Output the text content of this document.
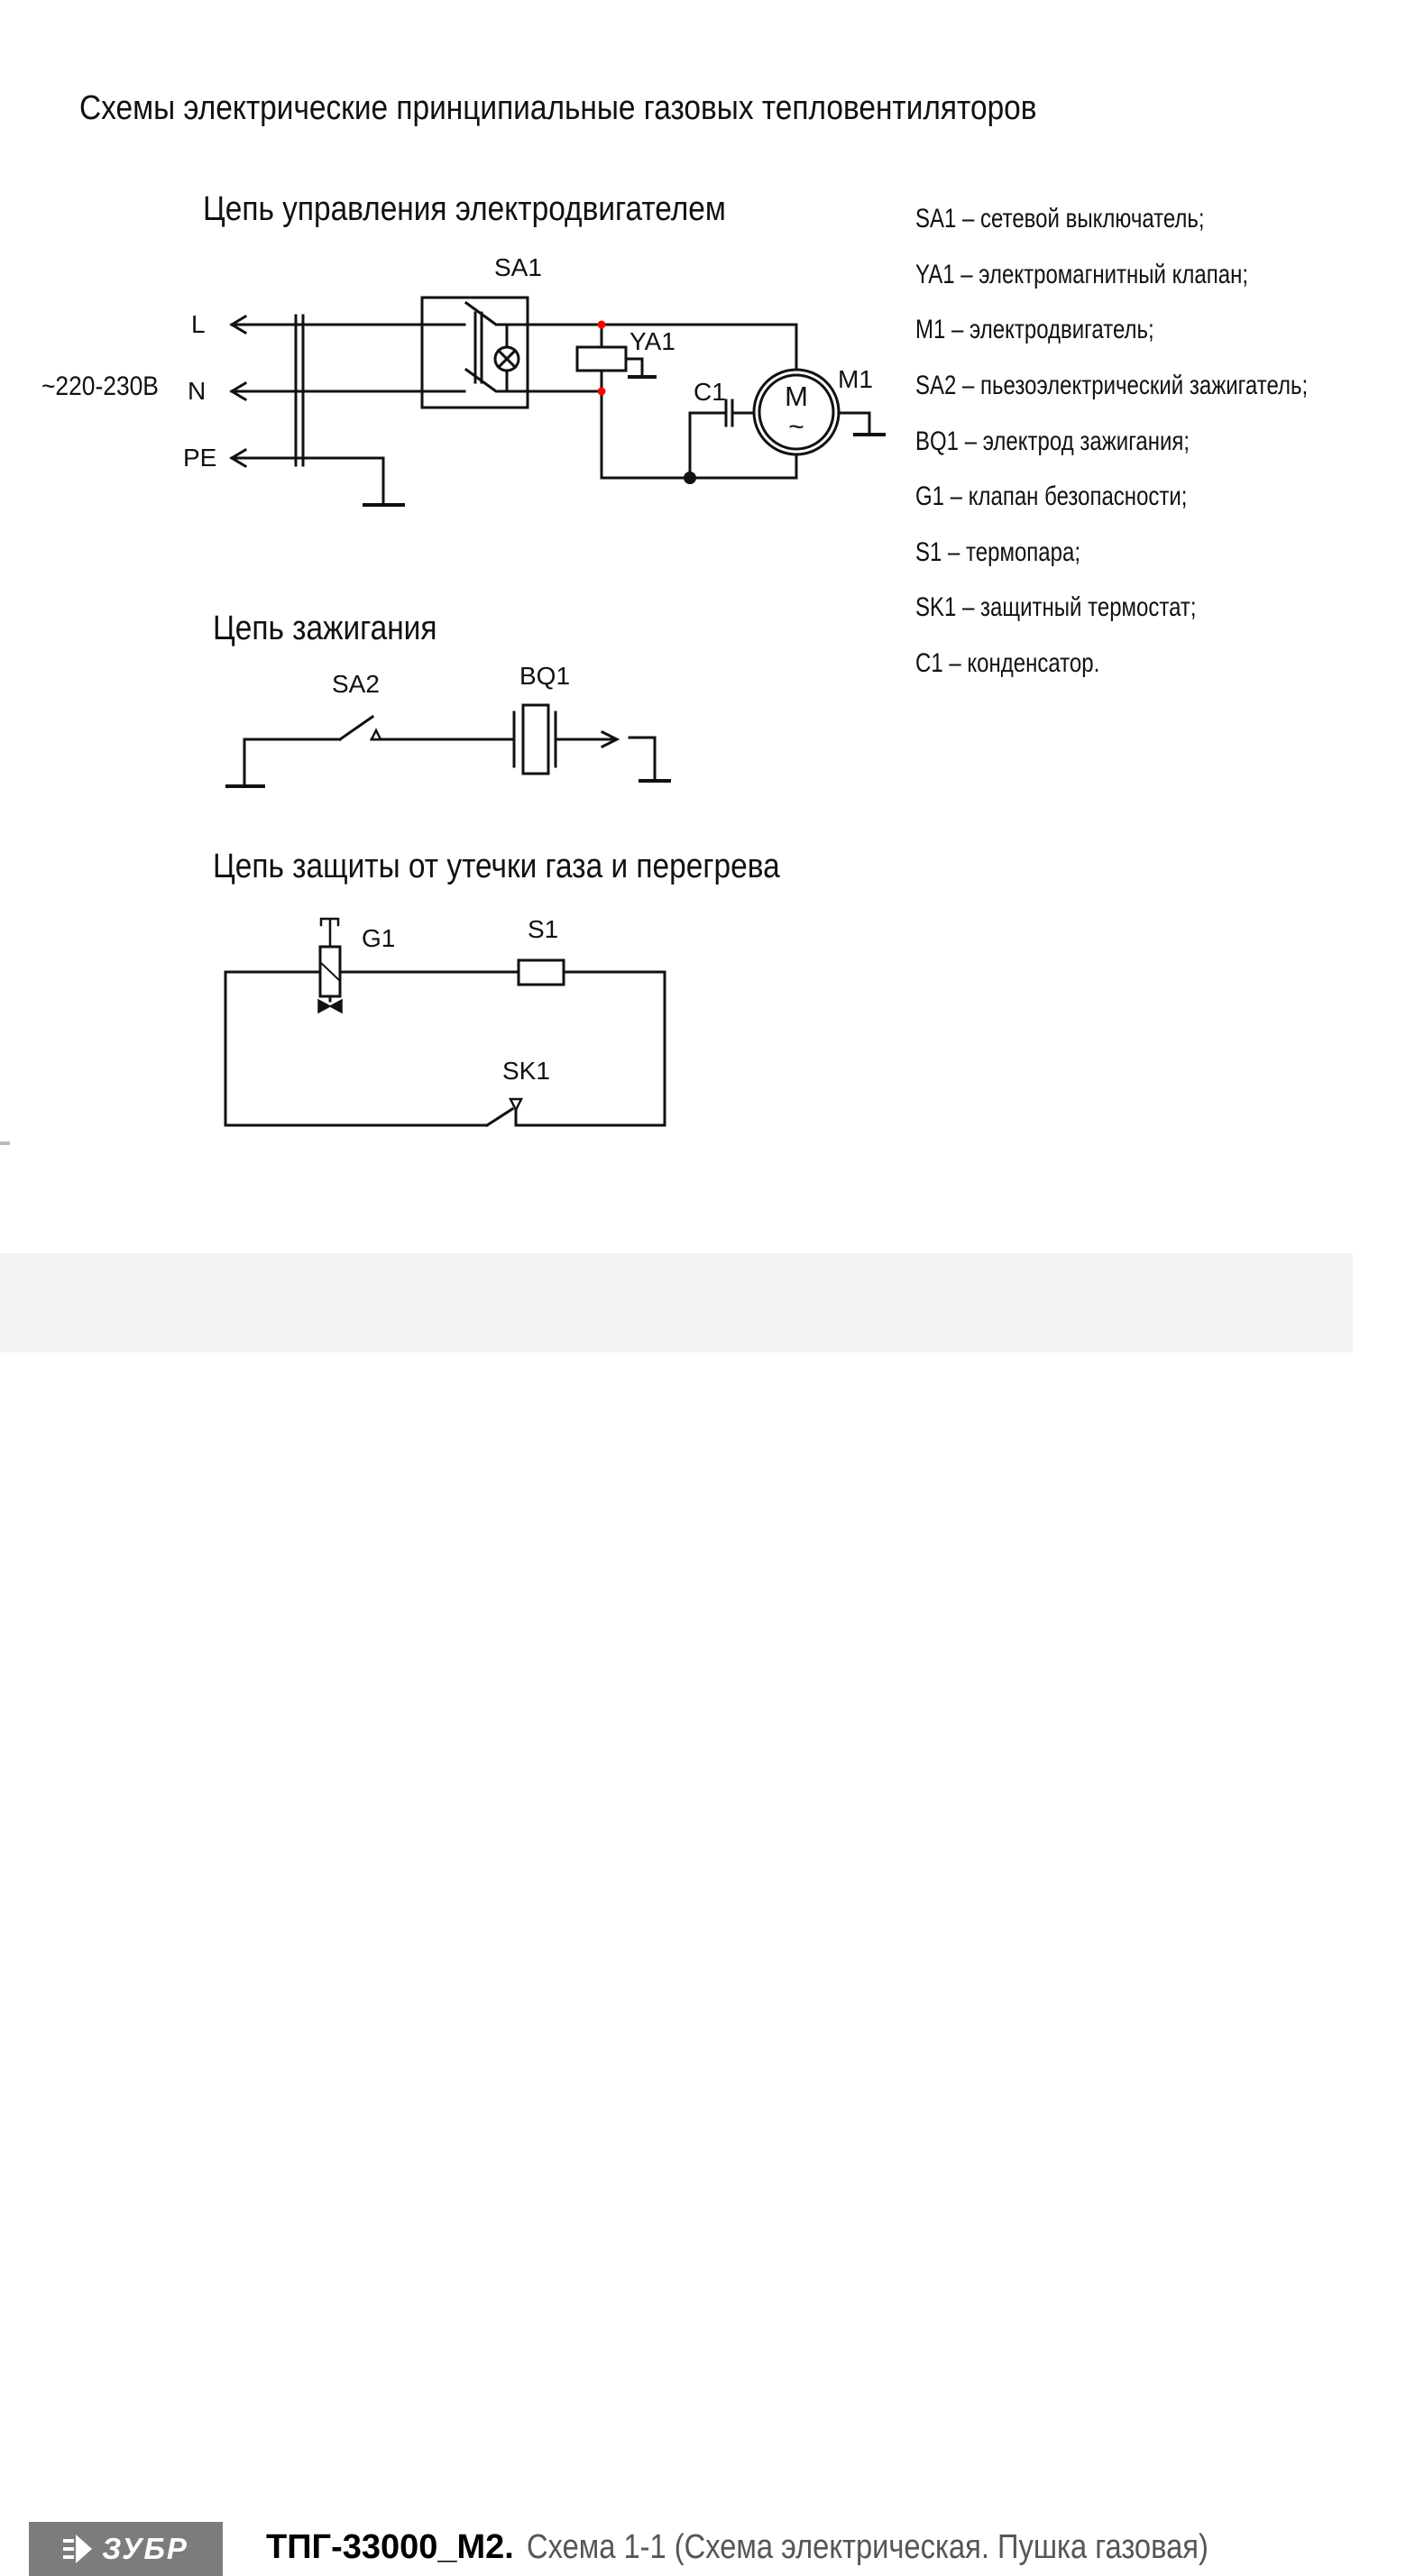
Схемы электрические принципиальные газовых тепловентиляторов
Цепь управления электродвигателем
~220-230В
L
N
PE
SA1
YA1
C1	M1
M
~
Цепь зажигания
SA2	BQ1
Цепь защиты от утечки газа и перегрева
G1	S1
SK1
SA1 – сетевой выключатель;
YA1 – электромагнитный клапан;
M1 – электродвигатель;
SA2 – пьезоэлектрический зажигатель;
BQ1 – электрод зажигания;
G1 – клапан безопасности;
S1 – термопара;
SK1 – защитный термостат;
C1 – конденсатор.
ЗУБР ТПГ-33000_М2. Схема 1-1 (Схема электрическая. Пушка газовая)
